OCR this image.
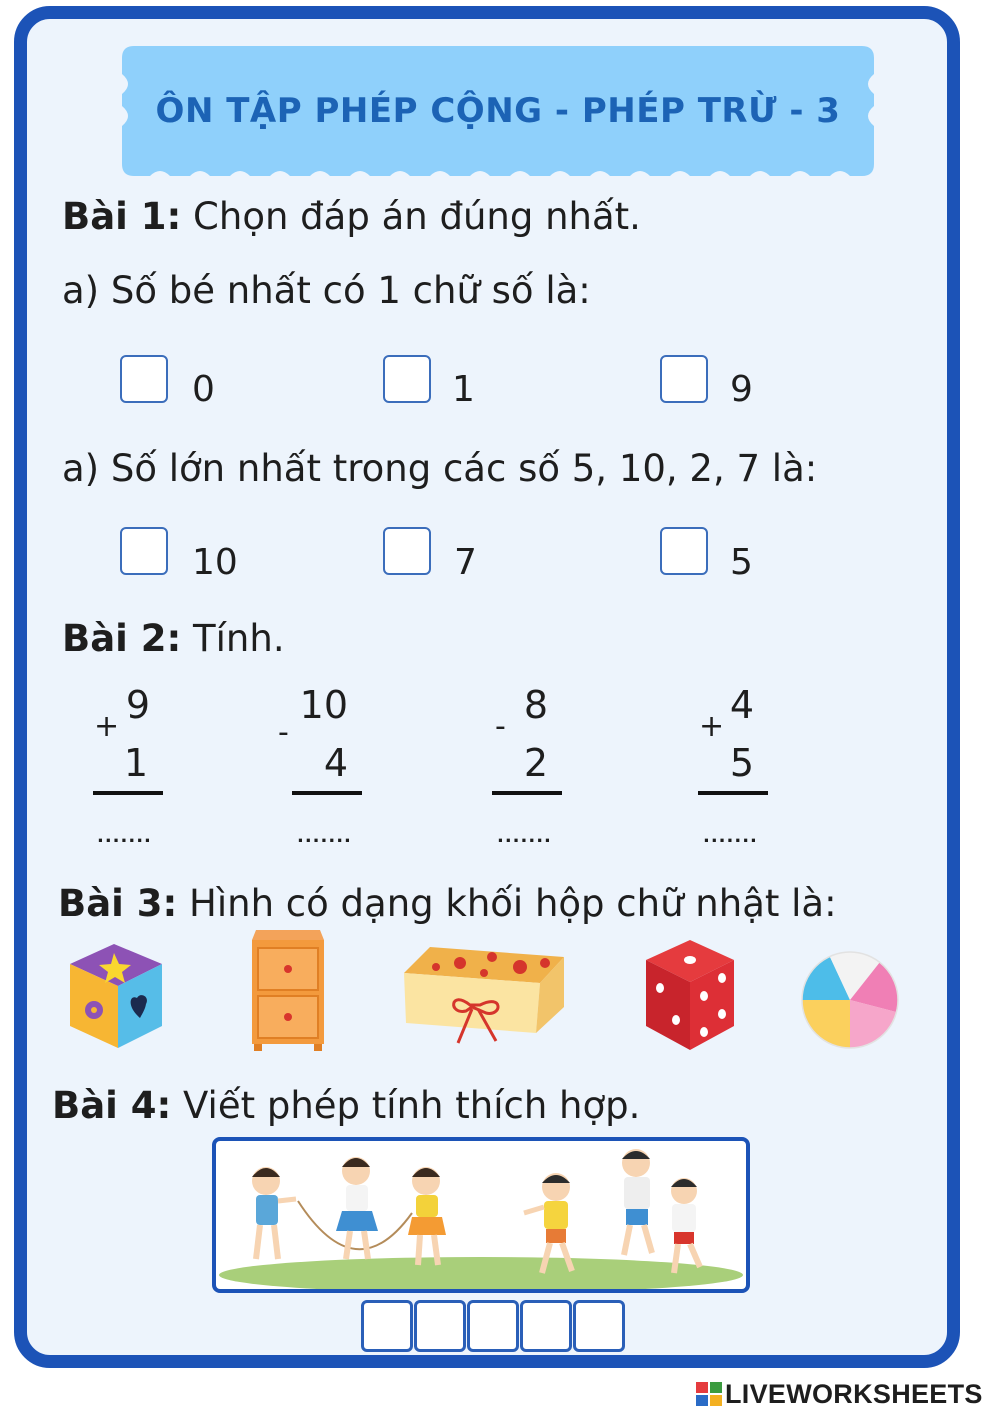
ÔN TẬP PHÉP CỘNG - PHÉP TRỪ - 3
Bài 1: Chọn đáp án đúng nhất.
a) Số bé nhất có 1 chữ số là:
0	1	9
a) Số lớn nhất trong các số 5, 10, 2, 7 là:
10	7	5
Bài 2: Tính.
9
+
1
.......
10
-
4
.......
8
-
2
.......
4
+
5
.......
Bài 3: Hình có dạng khối hộp chữ nhật là:
Bài 4: Viết phép tính thích hợp.
LIVEWORKSHEETS
